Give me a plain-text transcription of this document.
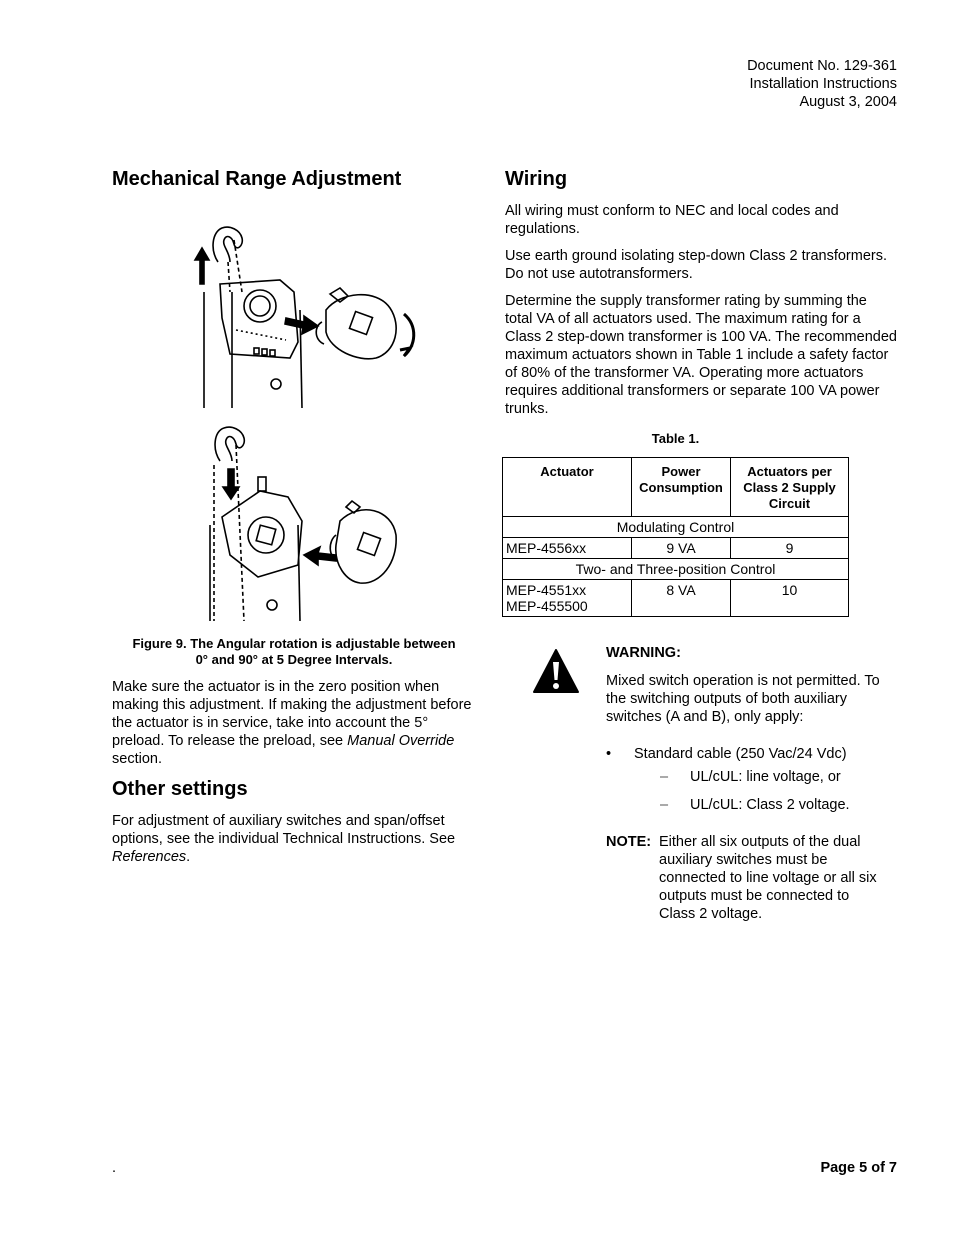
Document No. 129-361
Installation Instructions
August 3, 2004
Mechanical Range Adjustment
Figure 9. The Angular rotation is adjustable between
0° and 90° at 5 Degree Intervals.

Make sure the actuator is in the zero position when making this adjustment. If making the adjustment before the actuator is in service, take into account the 5° preload. To release the preload, see Manual Override section.

Other settings

For adjustment of auxiliary switches and span/offset options, see the individual Technical Instructions. See References.

Wiring

All wiring must conform to NEC and local codes and regulations.

Use earth ground isolating step-down Class 2 transformers. Do not use autotransformers.

Determine the supply transformer rating by summing the total VA of all actuators used. The maximum rating for a Class 2 step-down transformer is 100 VA. The recommended maximum actuators shown in Table 1 include a safety factor of 80% of the transformer VA. Operating more actuators requires additional transformers or separate 100 VA power trunks.

Table 1.
Actuator	Power Consumption	Actuators per Class 2 Supply Circuit
Modulating Control		
MEP-4556xx	9 VA	9
Two- and Three-position Control		

MEP-4551xx
MEP-455500	8 VA	10
WARNING:

Mixed switch operation is not permitted. To the switching outputs of both auxiliary switches (A and B), only apply:

• Standard cable (250 Vac/24 Vdc)
– UL/cUL: line voltage, or
– UL/cUL: Class 2 voltage.
NOTE: Either all six outputs of the dual auxiliary switches must be connected to line voltage or all six outputs must be connected to Class 2 voltage.

.	Page 5 of 7
